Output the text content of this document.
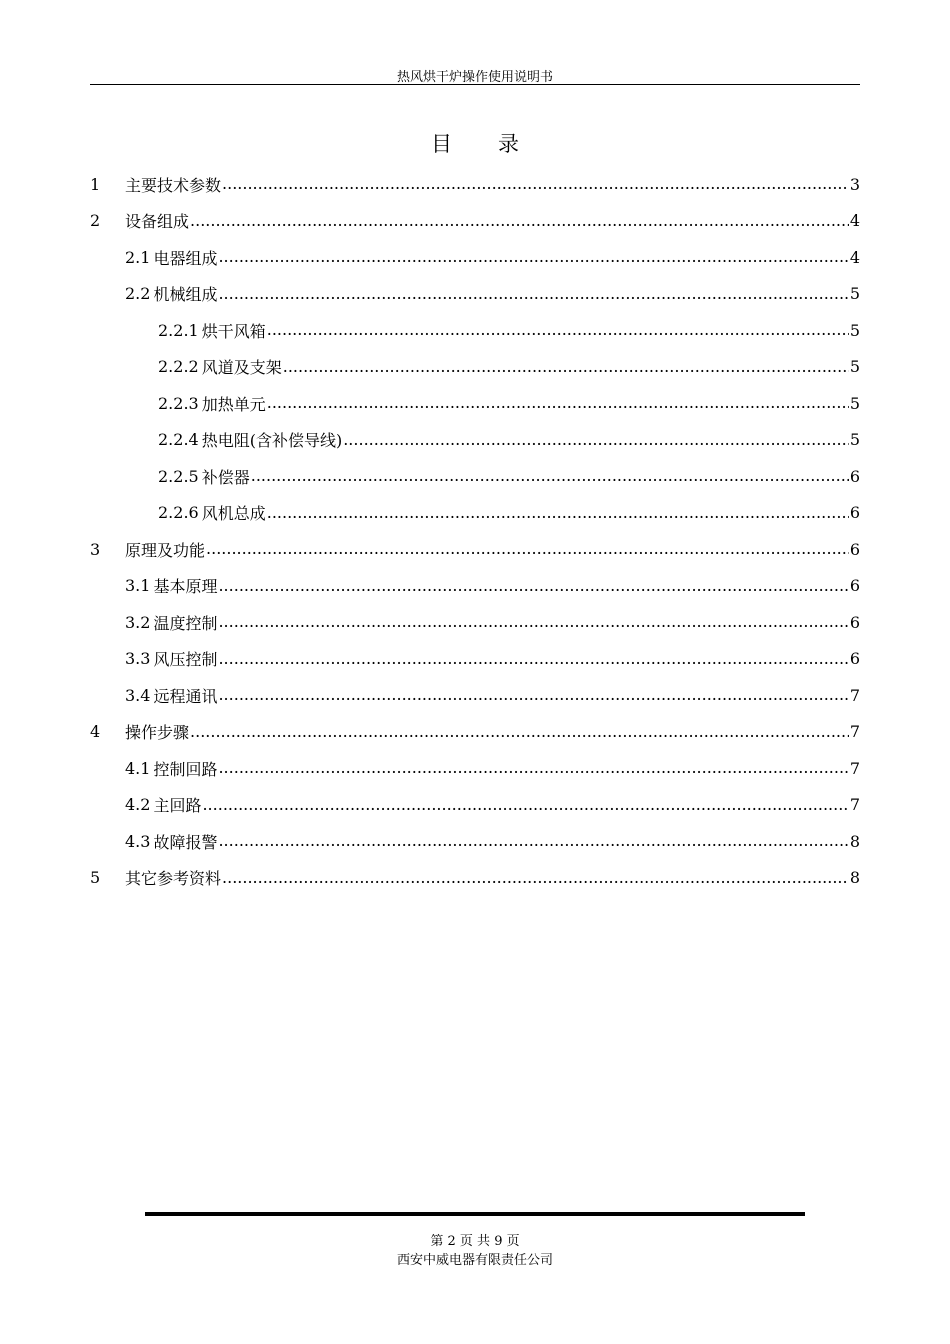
热风烘干炉操作使用说明书
目录
1	主要技术参数 .....	3
2	设备组成 .....	4
2.1 电器组成 .....	4
2.2 机械组成 .....	5
2.2.1 烘干风箱 .....	5
2.2.2 风道及支架 .....	5
2.2.3 加热单元 .....	5
2.2.4 热电阻(含补偿导线) .....	5
2.2.5 补偿器 .....	6
2.2.6 风机总成 .....	6
3	原理及功能 .....	6
3.1 基本原理 .....	6
3.2 温度控制 .....	6
3.3 风压控制 .....	6
3.4 远程通讯 .....	7
4	操作步骤 .....	7
4.1 控制回路 .....	7
4.2 主回路 .....	7
4.3 故障报警 .....	8
5	其它参考资料 .....	8
第 2 页 共 9 页
西安中威电器有限责任公司
